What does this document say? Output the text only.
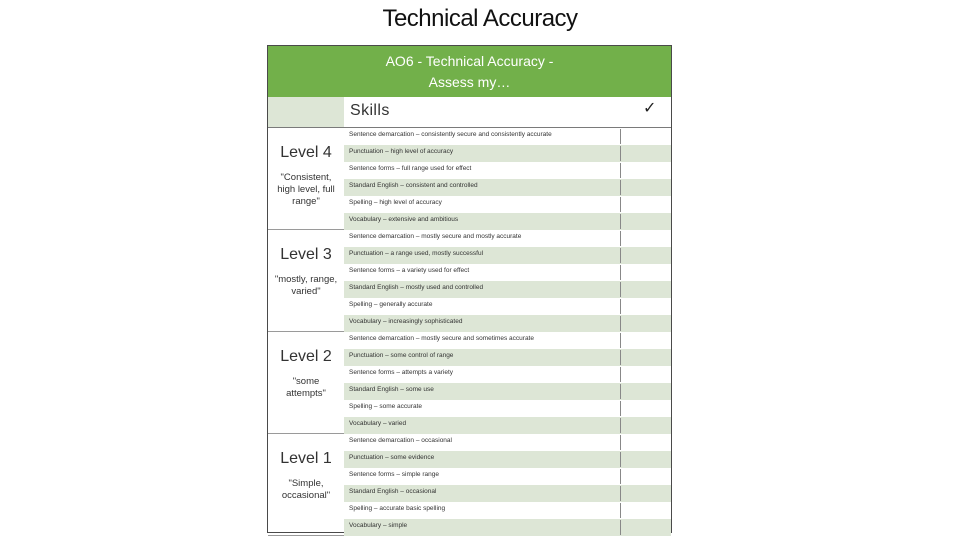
Technical Accuracy
AO6 - Technical Accuracy -
Assess my…
Skills
Level 4
"Consistent, high level, full range"
Sentence demarcation – consistently secure and consistently accurate
Punctuation – high level of accuracy
Sentence forms – full range used for effect
Standard English – consistent and controlled
Spelling – high level of accuracy
Vocabulary – extensive and ambitious
Level 3
"mostly, range, varied"
Sentence demarcation – mostly secure and mostly accurate
Punctuation – a range used, mostly successful
Sentence forms – a variety used for effect
Standard English – mostly used and controlled
Spelling – generally accurate
Vocabulary – increasingly sophisticated
Level 2
"some attempts"
Sentence demarcation – mostly secure and sometimes accurate
Punctuation – some control of range
Sentence forms – attempts a variety
Standard English – some use
Spelling – some accurate
Vocabulary – varied
Level 1
"Simple, occasional"
Sentence demarcation – occasional
Punctuation – some evidence
Sentence forms – simple range
Standard English – occasional
Spelling – accurate basic spelling
Vocabulary – simple
✓
